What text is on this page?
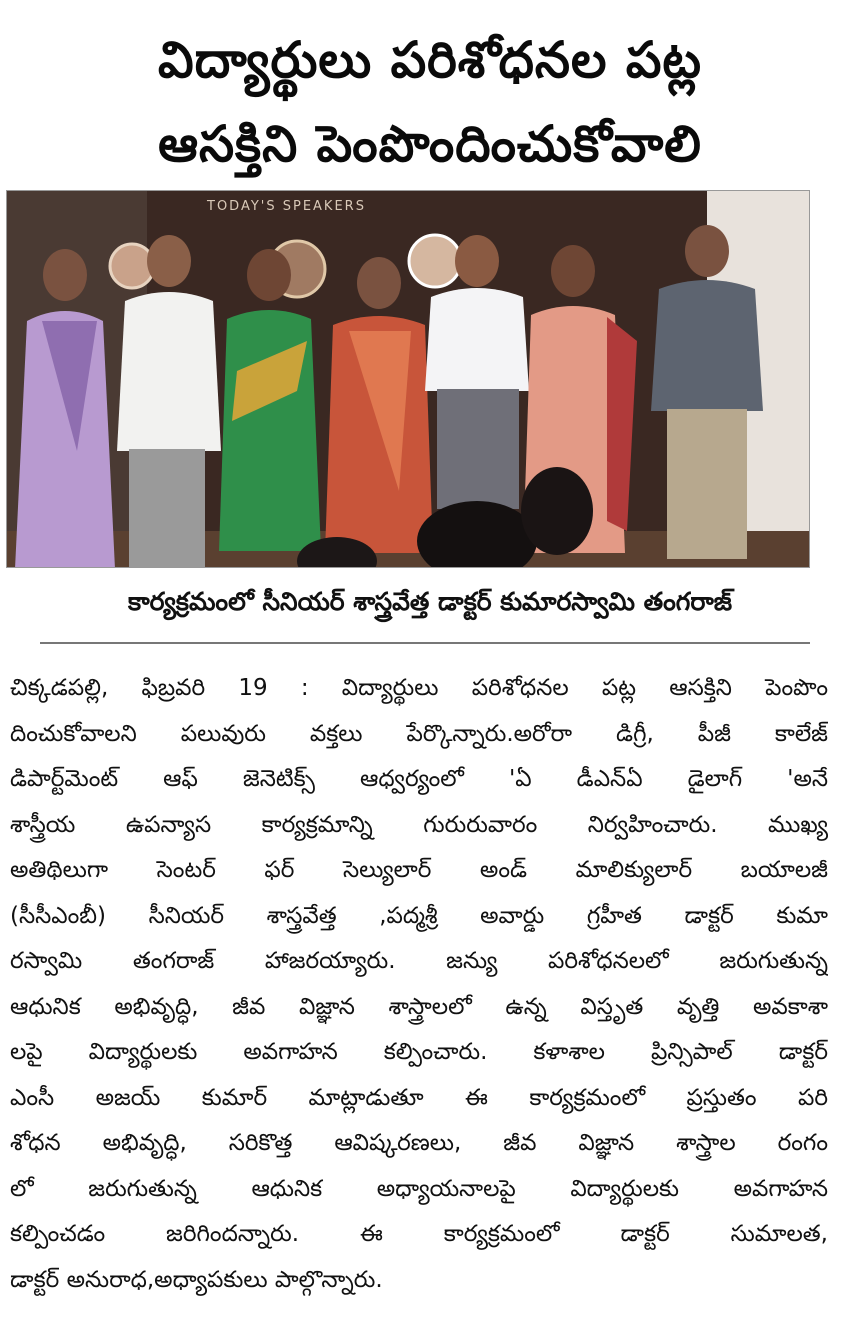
విద్యార్థులు పరిశోధనల పట్ల
ఆసక్తిని పెంపొందించుకోవాలి
TODAY'S SPEAKERS
కార్యక్రమంలో సీనియర్ శాస్త్రవేత్త డాక్టర్ కుమారస్వామి తంగరాజ్
చిక్కడపల్లి, ఫిబ్రవరి 19 : విద్యార్థులు పరిశోధనల పట్ల ఆసక్తిని పెంపొం
దించుకోవాలని పలువురు వక్తలు పేర్కొన్నారు.అరోరా డిగ్రీ, పీజీ కాలేజ్
డిపార్ట్‌మెంట్ ఆఫ్ జెనెటిక్స్ ఆధ్వర్యంలో 'ఏ డీఎన్ఏ డైలాగ్ 'అనే
శాస్త్రీయ ఉపన్యాస కార్యక్రమాన్ని గురురువారం నిర్వహించారు. ముఖ్య
అతిథిలుగా సెంటర్ ఫర్ సెల్యులార్ అండ్ మాలిక్యులార్ బయాలజీ
(సీసీఎంబీ) సీనియర్ శాస్త్రవేత్త ,పద్మశ్రీ అవార్డు గ్రహీత డాక్టర్ కుమా
రస్వామి తంగరాజ్ హాజరయ్యారు. జన్యు పరిశోధనలలో జరుగుతున్న
ఆధునిక అభివృద్ధి, జీవ విజ్ఞాన శాస్త్రాలలో ఉన్న విస్తృత వృత్తి అవకాశా
లపై విద్యార్థులకు అవగాహన కల్పించారు. కళాశాల ప్రిన్సిపాల్ డాక్టర్
ఎంసీ అజయ్ కుమార్ మాట్లాడుతూ ఈ కార్యక్రమంలో ప్రస్తుతం పరి
శోధన అభివృద్ధి, సరికొత్త ఆవిష్కరణలు, జీవ విజ్ఞాన శాస్త్రాల రంగం
లో జరుగుతున్న ఆధునిక అధ్యాయనాలపై విద్యార్థులకు అవగాహన
కల్పించడం జరిగిందన్నారు. ఈ కార్యక్రమంలో డాక్టర్ సుమాలత,
డాక్టర్ అనురాధ,అధ్యాపకులు పాల్గొన్నారు.
